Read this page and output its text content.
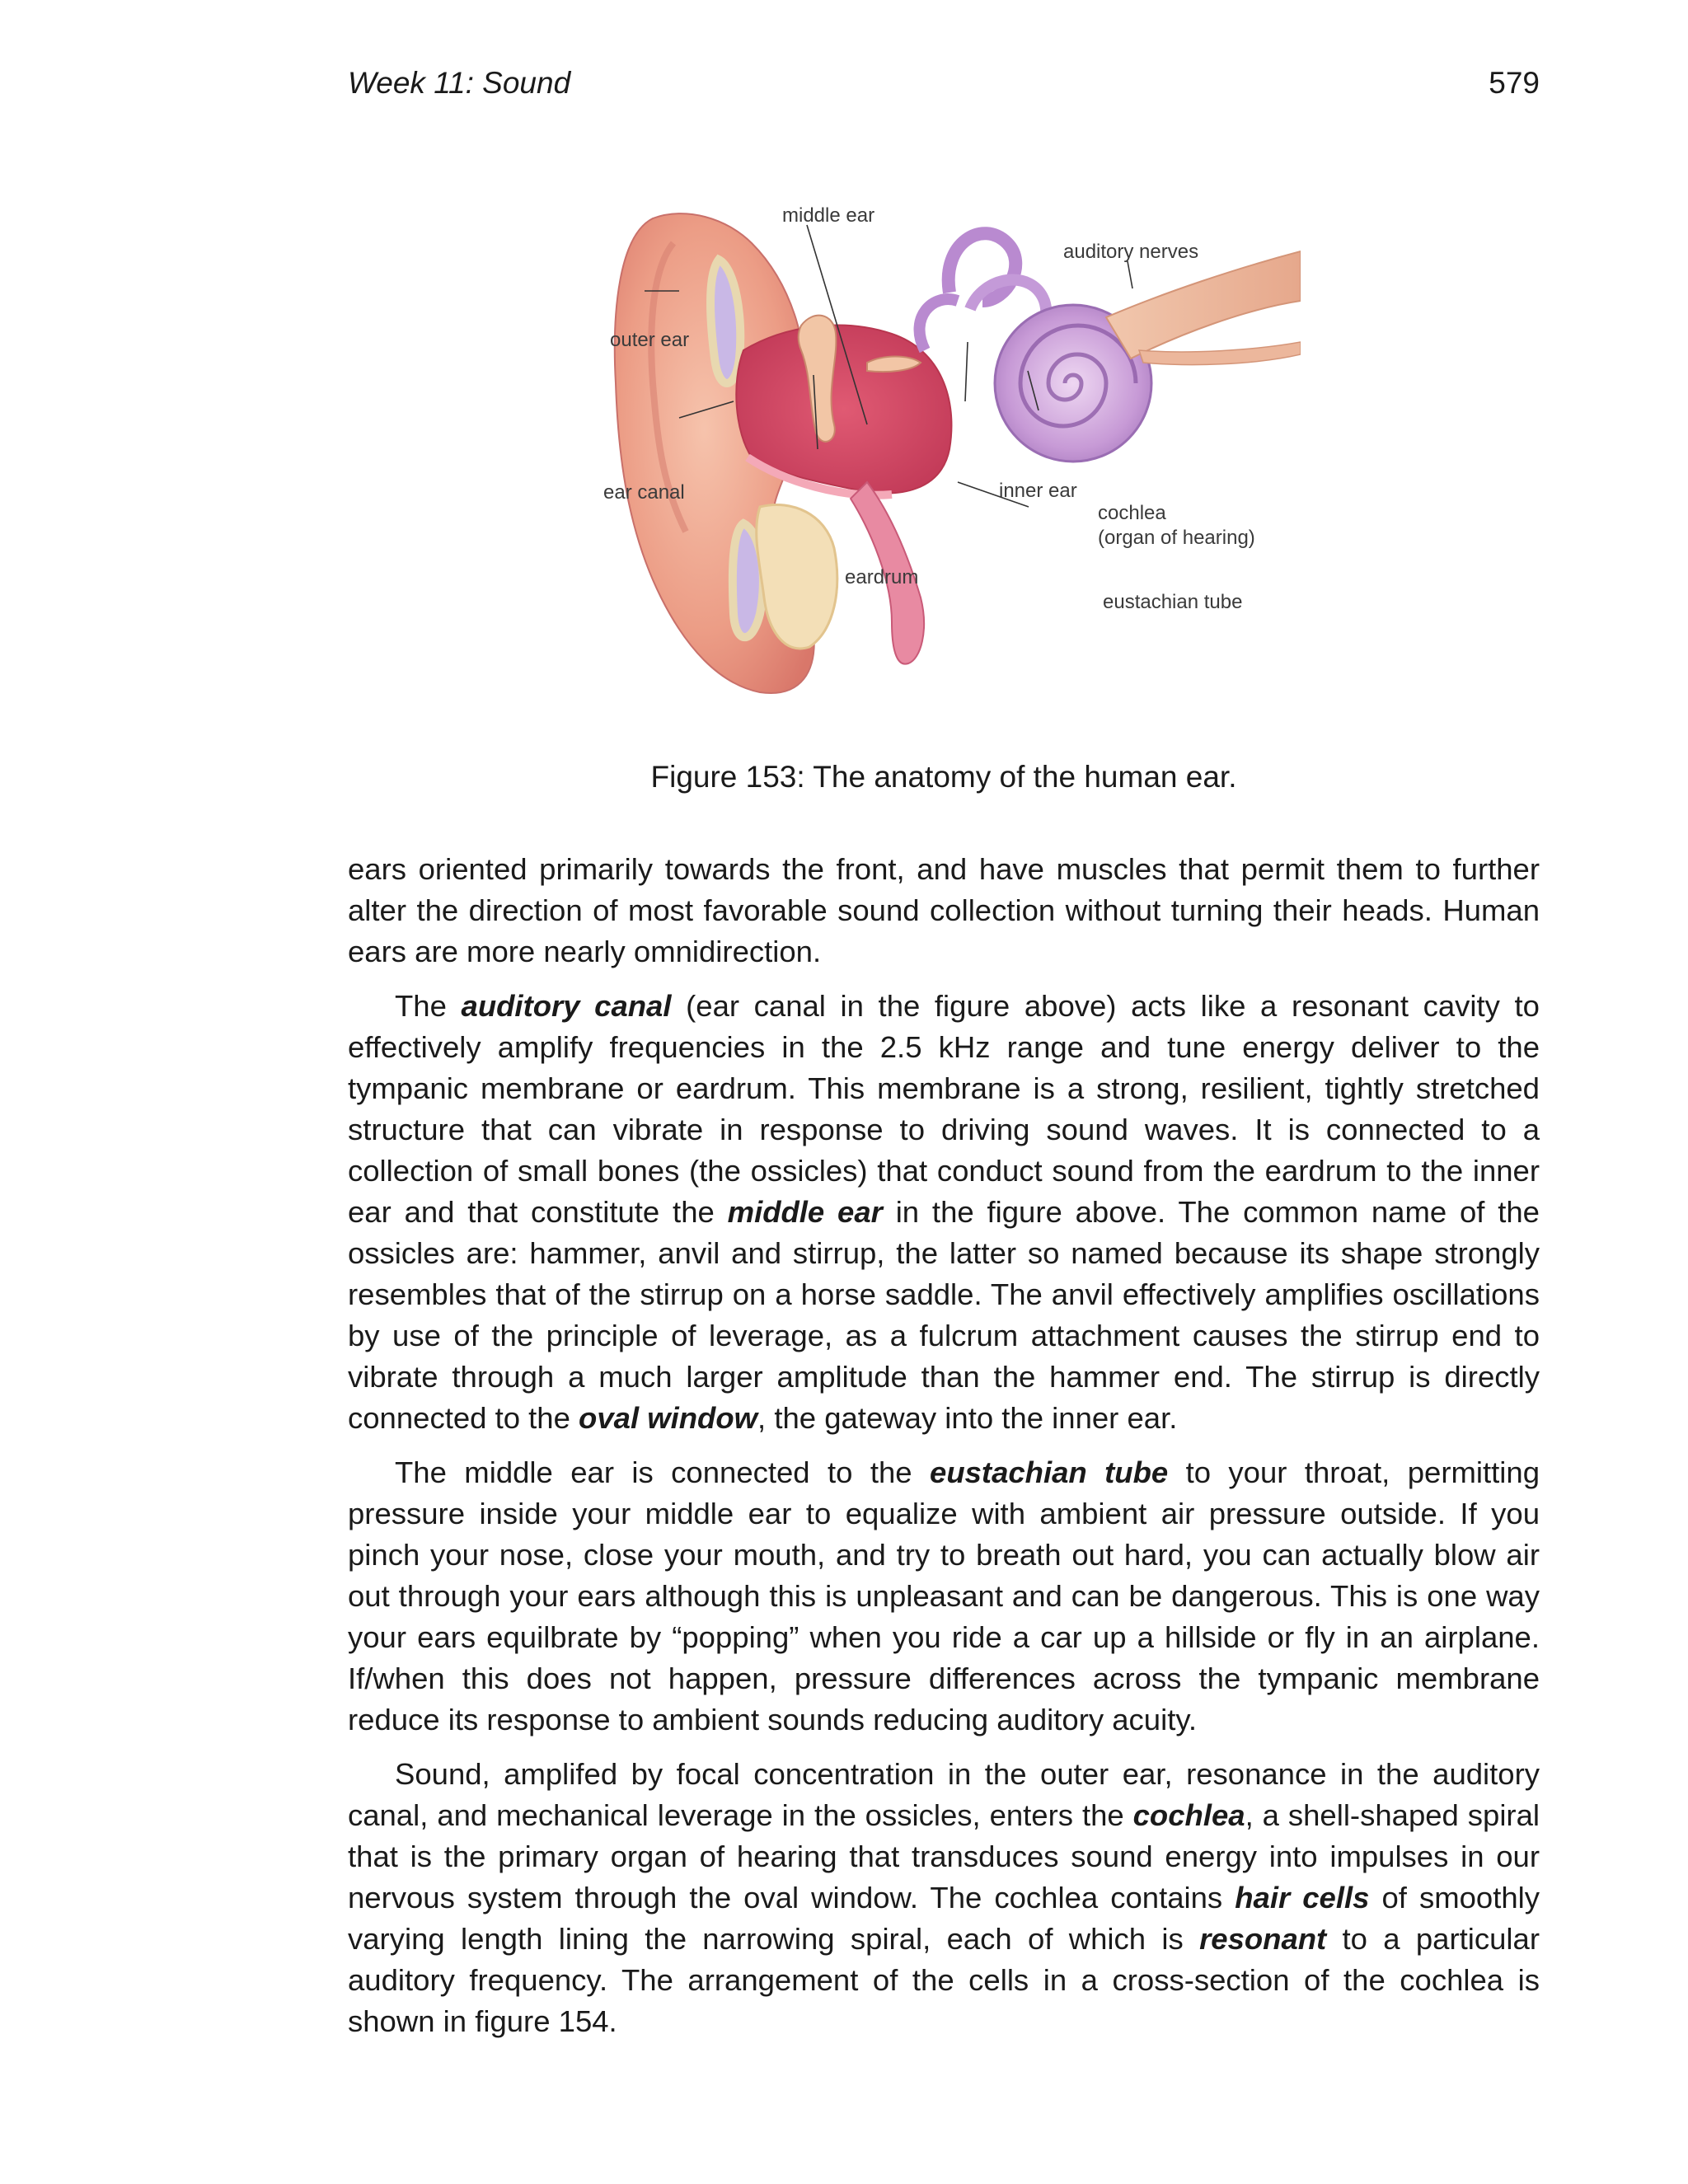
Week 11: Sound	579
middle ear
auditory nerves
outer ear
ear canal	inner ear
cochlea
(organ of hearing)
eardrum
eustachian tube
Figure 153: The anatomy of the human ear.

ears oriented primarily towards the front, and have muscles that permit them to further alter the direction of most favorable sound collection without turning their heads. Human ears are more nearly omnidirection.

The auditory canal (ear canal in the figure above) acts like a resonant cavity to effectively amplify frequencies in the 2.5 kHz range and tune energy deliver to the tympanic membrane or eardrum. This membrane is a strong, resilient, tightly stretched structure that can vibrate in response to driving sound waves. It is connected to a collection of small bones (the ossicles) that conduct sound from the eardrum to the inner ear and that constitute the middle ear in the figure above. The common name of the ossicles are: hammer, anvil and stirrup, the latter so named because its shape strongly resembles that of the stirrup on a horse saddle. The anvil effectively amplifies oscillations by use of the principle of leverage, as a fulcrum attachment causes the stirrup end to vibrate through a much larger amplitude than the hammer end. The stirrup is directly connected to the oval window, the gateway into the inner ear.

The middle ear is connected to the eustachian tube to your throat, permitting pressure inside your middle ear to equalize with ambient air pressure outside. If you pinch your nose, close your mouth, and try to breath out hard, you can actually blow air out through your ears although this is unpleasant and can be dangerous. This is one way your ears equilbrate by “popping” when you ride a car up a hillside or fly in an airplane. If/when this does not happen, pressure differences across the tympanic membrane reduce its response to ambient sounds reducing auditory acuity.

Sound, amplifed by focal concentration in the outer ear, resonance in the auditory canal, and mechanical leverage in the ossicles, enters the cochlea, a shell-shaped spiral that is the primary organ of hearing that transduces sound energy into impulses in our nervous system through the oval window. The cochlea contains hair cells of smoothly varying length lining the narrowing spiral, each of which is resonant to a particular auditory frequency. The arrangement of the cells in a cross-section of the cochlea is shown in figure 154.
